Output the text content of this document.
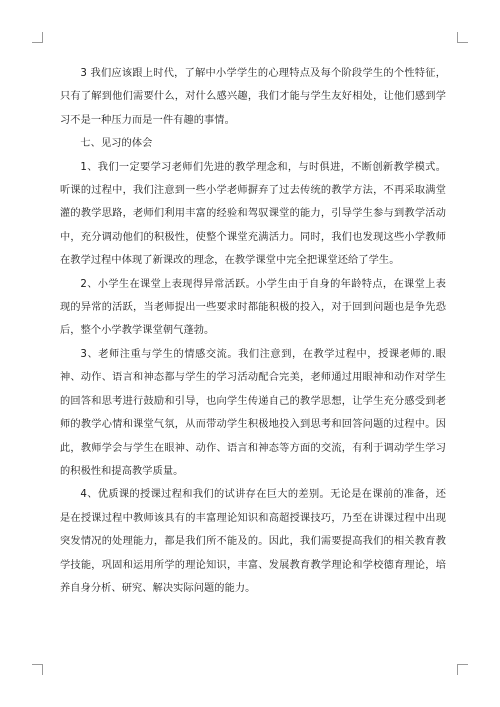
3 我们应该跟上时代，了解中小学学生的心理特点及每个阶段学生的个性特征，只有了解到他们需要什么，对什么感兴趣，我们才能与学生友好相处，让他们感到学习不是一种压力而是一件有趣的事情。

七、见习的体会

1、我们一定要学习老师们先进的教学理念和，与时俱进，不断创新教学模式。听课的过程中，我们注意到一些小学老师摒弃了过去传统的教学方法，不再采取满堂灌的教学思路，老师们利用丰富的经验和驾驭课堂的能力，引导学生参与到教学活动中，充分调动他们的积极性，使整个课堂充满活力。同时，我们也发现这些小学教师在教学过程中体现了新课改的理念，在教学课堂中完全把课堂还给了学生。

2、小学生在课堂上表现得异常活跃。小学生由于自身的年龄特点，在课堂上表现的异常的活跃，当老师提出一些要求时都能积极的投入，对于回到问题也是争先恐后，整个小学教学课堂朝气蓬勃。

3、老师注重与学生的情感交流。我们注意到，在教学过程中，授课老师的.眼神、动作、语言和神态都与学生的学习活动配合完美，老师通过用眼神和动作对学生的回答和思考进行鼓励和引导，也向学生传递自己的教学思想，让学生充分感受到老师的教学心情和课堂气氛，从而带动学生积极地投入到思考和回答问题的过程中。因此，教师学会与学生在眼神、动作、语言和神态等方面的交流，有利于调动学生学习的积极性和提高教学质量。

4、优质课的授课过程和我们的试讲存在巨大的差别。无论是在课前的准备，还是在授课过程中教师该具有的丰富理论知识和高超授课技巧，乃至在讲课过程中出现突发情况的处理能力，都是我们所不能及的。因此，我们需要提高我们的相关教育教学技能，巩固和运用所学的理论知识，丰富、发展教育教学理论和学校德育理论，培养自身分析、研究、解决实际问题的能力。
